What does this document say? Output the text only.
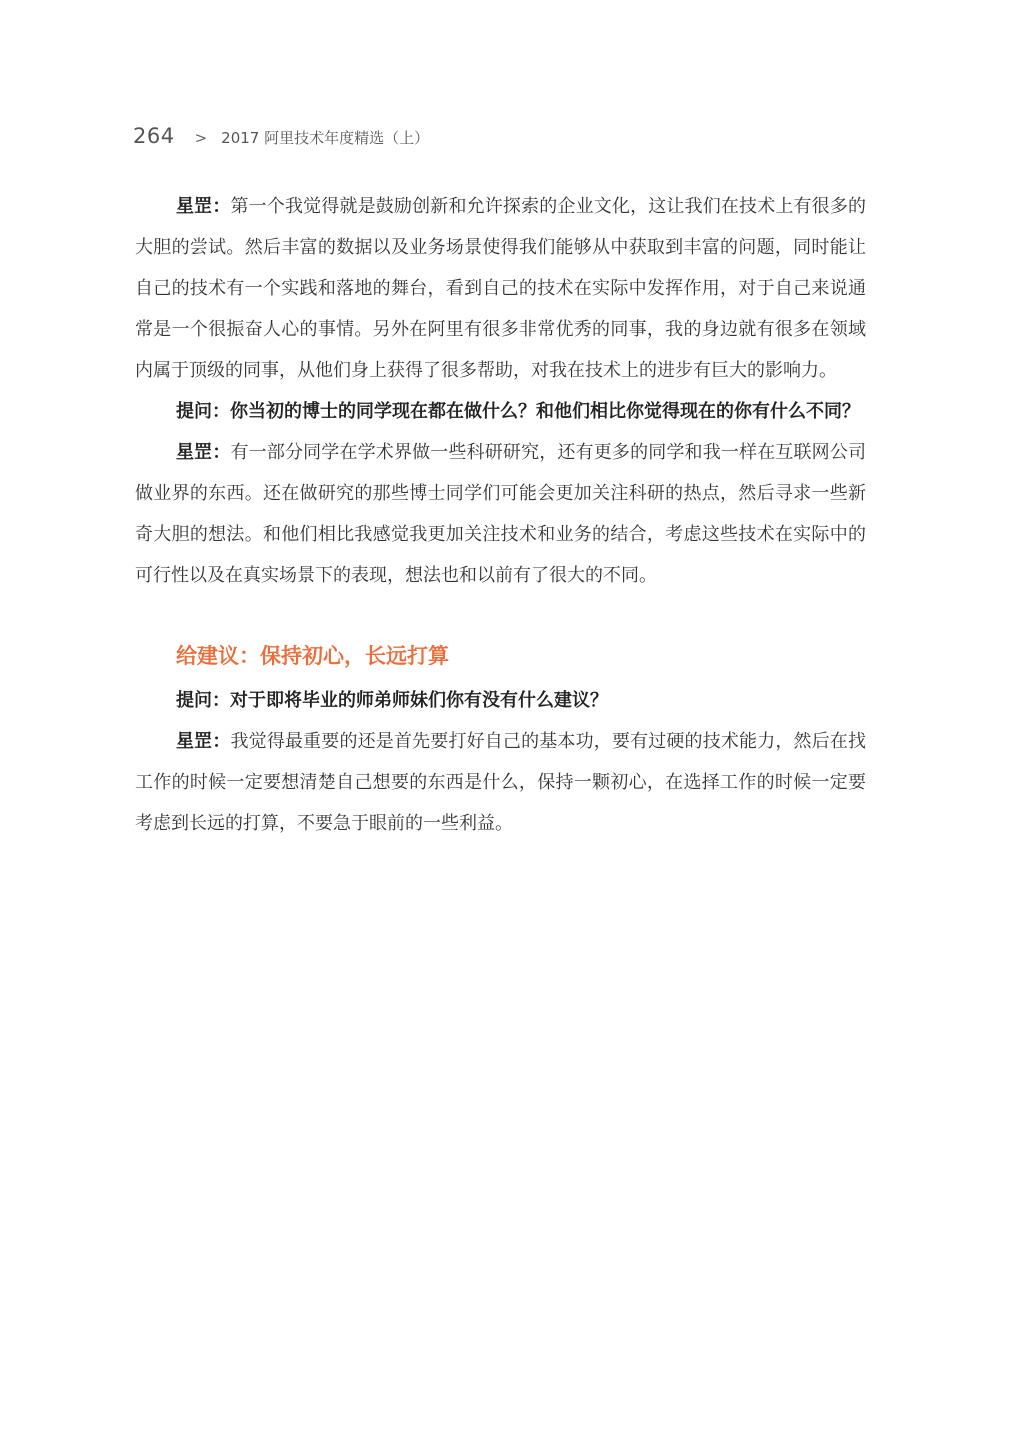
264 > 2017 阿里技术年度精选（上）

星罡：第一个我觉得就是鼓励创新和允许探索的企业文化，这让我们在技术上有很多的大胆的尝试。然后丰富的数据以及业务场景使得我们能够从中获取到丰富的问题，同时能让自己的技术有一个实践和落地的舞台，看到自己的技术在实际中发挥作用，对于自己来说通常是一个很振奋人心的事情。另外在阿里有很多非常优秀的同事，我的身边就有很多在领域内属于顶级的同事，从他们身上获得了很多帮助，对我在技术上的进步有巨大的影响力。

提问：你当初的博士的同学现在都在做什么？和他们相比你觉得现在的你有什么不同？

星罡：有一部分同学在学术界做一些科研研究，还有更多的同学和我一样在互联网公司做业界的东西。还在做研究的那些博士同学们可能会更加关注科研的热点，然后寻求一些新奇大胆的想法。和他们相比我感觉我更加关注技术和业务的结合，考虑这些技术在实际中的可行性以及在真实场景下的表现，想法也和以前有了很大的不同。

给建议：保持初心，长远打算

提问：对于即将毕业的师弟师妹们你有没有什么建议？

星罡：我觉得最重要的还是首先要打好自己的基本功，要有过硬的技术能力，然后在找工作的时候一定要想清楚自己想要的东西是什么，保持一颗初心，在选择工作的时候一定要考虑到长远的打算，不要急于眼前的一些利益。
